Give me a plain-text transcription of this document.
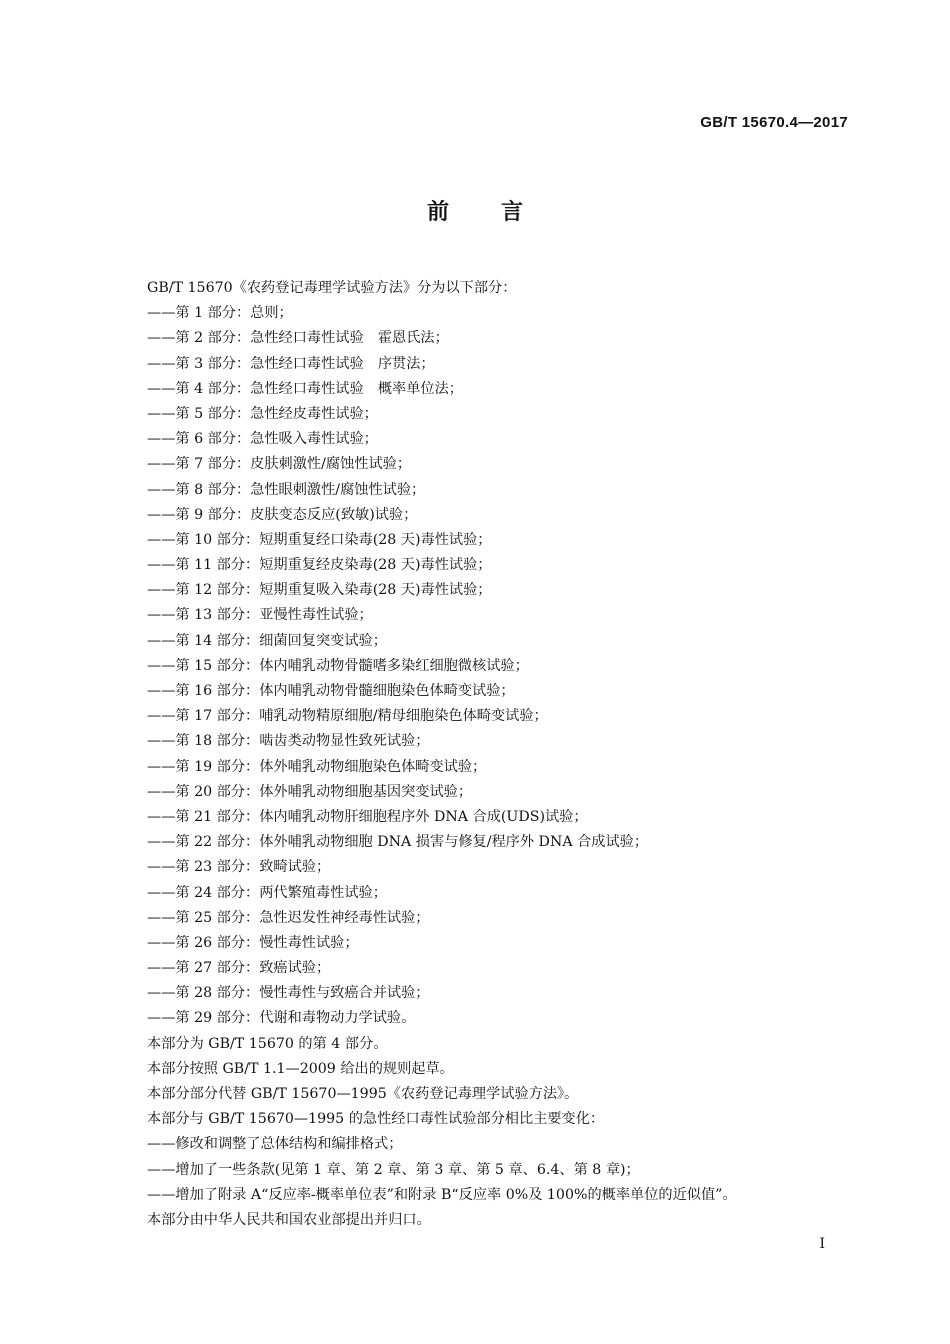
GB/T 15670.4—2017
前言
GB/T 15670《农药登记毒理学试验方法》分为以下部分：
——第 1 部分：总则；
——第 2 部分：急性经口毒性试验　霍恩氏法；
——第 3 部分：急性经口毒性试验　序贯法；
——第 4 部分：急性经口毒性试验　概率单位法；
——第 5 部分：急性经皮毒性试验；
——第 6 部分：急性吸入毒性试验；
——第 7 部分：皮肤刺激性/腐蚀性试验；
——第 8 部分：急性眼刺激性/腐蚀性试验；
——第 9 部分：皮肤变态反应(致敏)试验；
——第 10 部分：短期重复经口染毒(28 天)毒性试验；
——第 11 部分：短期重复经皮染毒(28 天)毒性试验；
——第 12 部分：短期重复吸入染毒(28 天)毒性试验；
——第 13 部分：亚慢性毒性试验；
——第 14 部分：细菌回复突变试验；
——第 15 部分：体内哺乳动物骨髓嗜多染红细胞微核试验；
——第 16 部分：体内哺乳动物骨髓细胞染色体畸变试验；
——第 17 部分：哺乳动物精原细胞/精母细胞染色体畸变试验；
——第 18 部分：啮齿类动物显性致死试验；
——第 19 部分：体外哺乳动物细胞染色体畸变试验；
——第 20 部分：体外哺乳动物细胞基因突变试验；
——第 21 部分：体内哺乳动物肝细胞程序外 DNA 合成(UDS)试验；
——第 22 部分：体外哺乳动物细胞 DNA 损害与修复/程序外 DNA 合成试验；
——第 23 部分：致畸试验；
——第 24 部分：两代繁殖毒性试验；
——第 25 部分：急性迟发性神经毒性试验；
——第 26 部分：慢性毒性试验；
——第 27 部分：致癌试验；
——第 28 部分：慢性毒性与致癌合并试验；
——第 29 部分：代谢和毒物动力学试验。
本部分为 GB/T 15670 的第 4 部分。
本部分按照 GB/T 1.1—2009 给出的规则起草。
本部分部分代替 GB/T 15670—1995《农药登记毒理学试验方法》。
本部分与 GB/T 15670—1995 的急性经口毒性试验部分相比主要变化：
——修改和调整了总体结构和编排格式；
——增加了一些条款(见第 1 章、第 2 章、第 3 章、第 5 章、6.4、第 8 章)；
——增加了附录 A“反应率-概率单位表”和附录 B“反应率 0%及 100%的概率单位的近似值”。
本部分由中华人民共和国农业部提出并归口。
I
